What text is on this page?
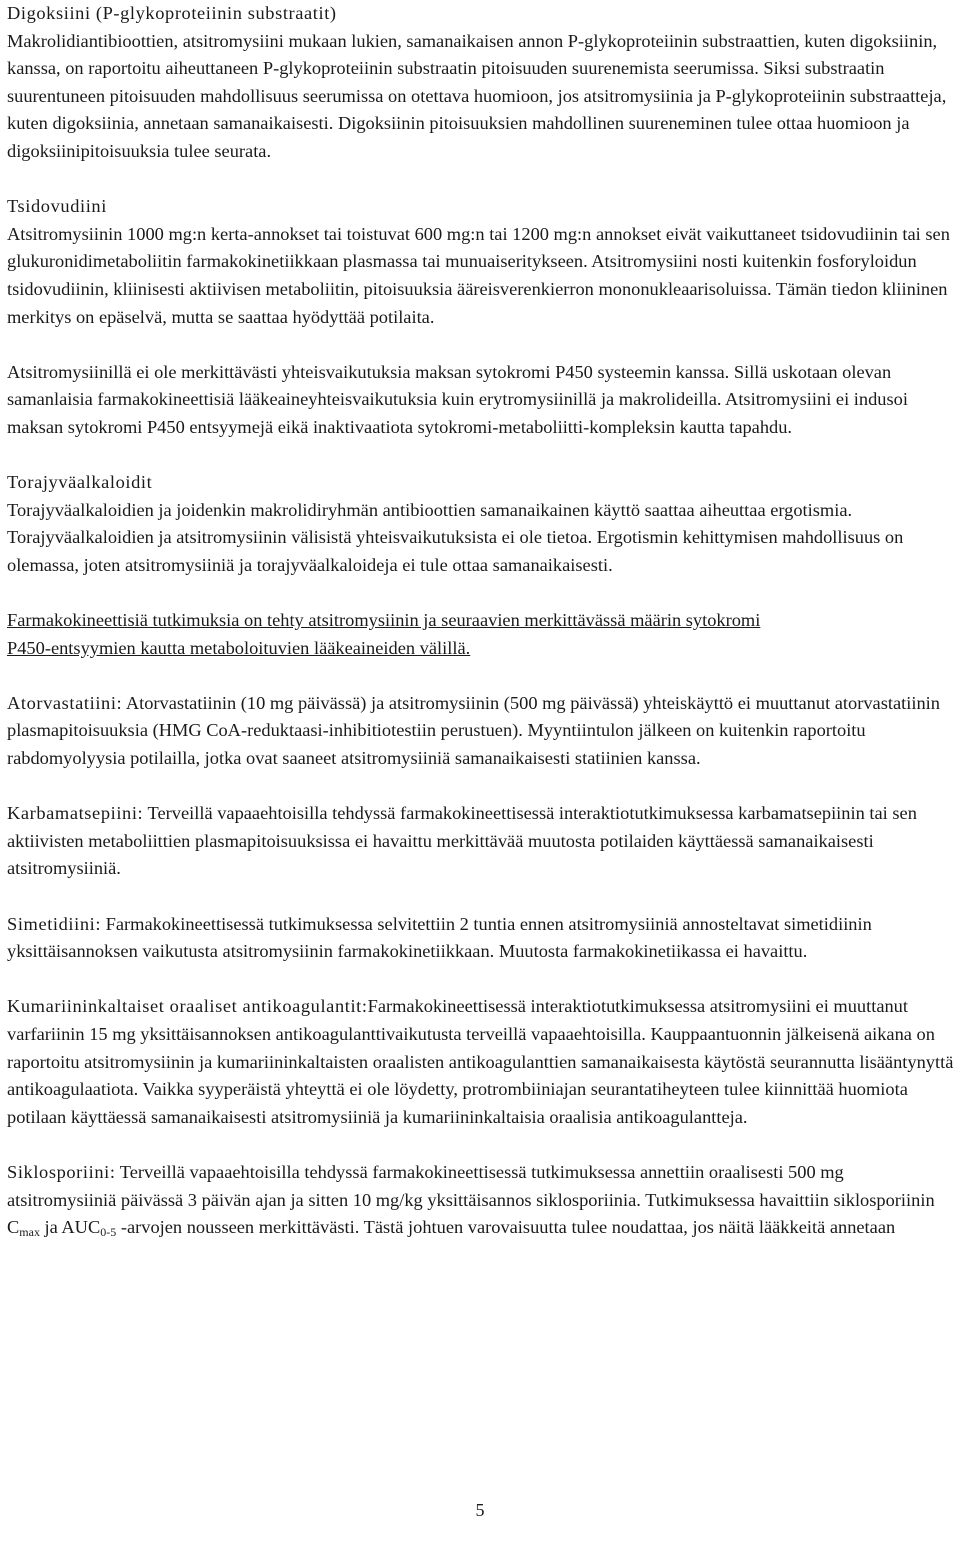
Digoksiini (P-glykoproteiinin substraatit)
Makrolidiantibioottien, atsitromysiini mukaan lukien, samanaikaisen annon P-glykoproteiinin substraattien, kuten digoksiinin, kanssa, on raportoitu aiheuttaneen P-glykoproteiinin substraatin pitoisuuden suurenemista seerumissa. Siksi substraatin suurentuneen pitoisuuden mahdollisuus seerumissa on otettava huomioon, jos atsitromysiinia ja P-glykoproteiinin substraatteja, kuten digoksiinia, annetaan samanaikaisesti. Digoksiinin pitoisuuksien mahdollinen suureneminen tulee ottaa huomioon ja digoksiinipitoisuuksia tulee seurata.
Tsidovudiini
Atsitromysiinin 1000 mg:n kerta-annokset tai toistuvat 600 mg:n tai 1200 mg:n annokset eivät vaikuttaneet tsidovudiinin tai sen glukuronidimetaboliitin farmakokinetiikkaan plasmassa tai munuaiseritykseen. Atsitromysiini nosti kuitenkin fosforyloidun tsidovudiinin, kliinisesti aktiivisen metaboliitin, pitoisuuksia ääreisverenkierron mononukleaarisoluissa. Tämän tiedon kliininen merkitys on epäselvä, mutta se saattaa hyödyttää potilaita.
Atsitromysiinillä ei ole merkittävästi yhteisvaikutuksia maksan sytokromi P450 systeemin kanssa. Sillä uskotaan olevan samanlaisia farmakokineettisiä lääkeaineyhteisvaikutuksia kuin erytromysiinillä ja makrolideilla. Atsitromysiini ei indusoi maksan sytokromi P450 entsyymejä eikä inaktivaatiota sytokromi-metaboliitti-kompleksin kautta tapahdu.
Torajyväalkaloidit
Torajyväalkaloidien ja joidenkin makrolidiryhmän antibioottien samanaikainen käyttö saattaa aiheuttaa ergotismia. Torajyväalkaloidien ja atsitromysiinin välisistä yhteisvaikutuksista ei ole tietoa. Ergotismin kehittymisen mahdollisuus on olemassa, joten atsitromysiiniä ja torajyväalkaloideja ei tule ottaa samanaikaisesti.
Farmakokineettisiä tutkimuksia on tehty atsitromysiinin ja seuraavien merkittävässä määrin sytokromi
P450-entsyymien kautta metaboloituvien lääkeaineiden välillä.
Atorvastatiini: Atorvastatiinin (10 mg päivässä) ja atsitromysiinin (500 mg päivässä) yhteiskäyttö ei muuttanut atorvastatiinin plasmapitoisuuksia (HMG CoA-reduktaasi-inhibitiotestiin perustuen). Myyntiintulon jälkeen on kuitenkin raportoitu rabdomyolyysia potilailla, jotka ovat saaneet atsitromysiiniä samanaikaisesti statiinien kanssa.
Karbamatsepiini: Terveillä vapaaehtoisilla tehdyssä farmakokineettisessä interaktiotutkimuksessa karbamatsepiinin tai sen aktiivisten metaboliittien plasmapitoisuuksissa ei havaittu merkittävää muutosta potilaiden käyttäessä samanaikaisesti atsitromysiiniä.
Simetidiini: Farmakokineettisessä tutkimuksessa selvitettiin 2 tuntia ennen atsitromysiiniä annosteltavat simetidiinin yksittäisannoksen vaikutusta atsitromysiinin farmakokinetiikkaan. Muutosta farmakokinetiikassa ei havaittu.
Kumariininkaltaiset oraaliset antikoagulantit:Farmakokineettisessä interaktiotutkimuksessa atsitromysiini ei muuttanut varfariinin 15 mg yksittäisannoksen antikoagulanttivaikutusta terveillä vapaaehtoisilla. Kauppaantuonnin jälkeisenä aikana on raportoitu atsitromysiinin ja kumariininkaltaisten oraalisten antikoagulanttien samanaikaisesta käytöstä seurannutta lisääntynyttä antikoagulaatiota. Vaikka syyperäistä yhteyttä ei ole löydetty, protrombiiniajan seurantatiheyteen tulee kiinnittää huomiota potilaan käyttäessä samanaikaisesti atsitromysiiniä ja kumariininkaltaisia oraalisia antikoagulantteja.
Siklosporiini: Terveillä vapaaehtoisilla tehdyssä farmakokineettisessä tutkimuksessa annettiin oraalisesti 500 mg atsitromysiiniä päivässä 3 päivän ajan ja sitten 10 mg/kg yksittäisannos siklosporiinia. Tutkimuksessa havaittiin siklosporiinin $C_{max}$ ja $AUC_{0-5}$ -arvojen nousseen merkittävästi. Tästä johtuen varovaisuutta tulee noudattaa, jos näitä lääkkeitä annetaan
5
